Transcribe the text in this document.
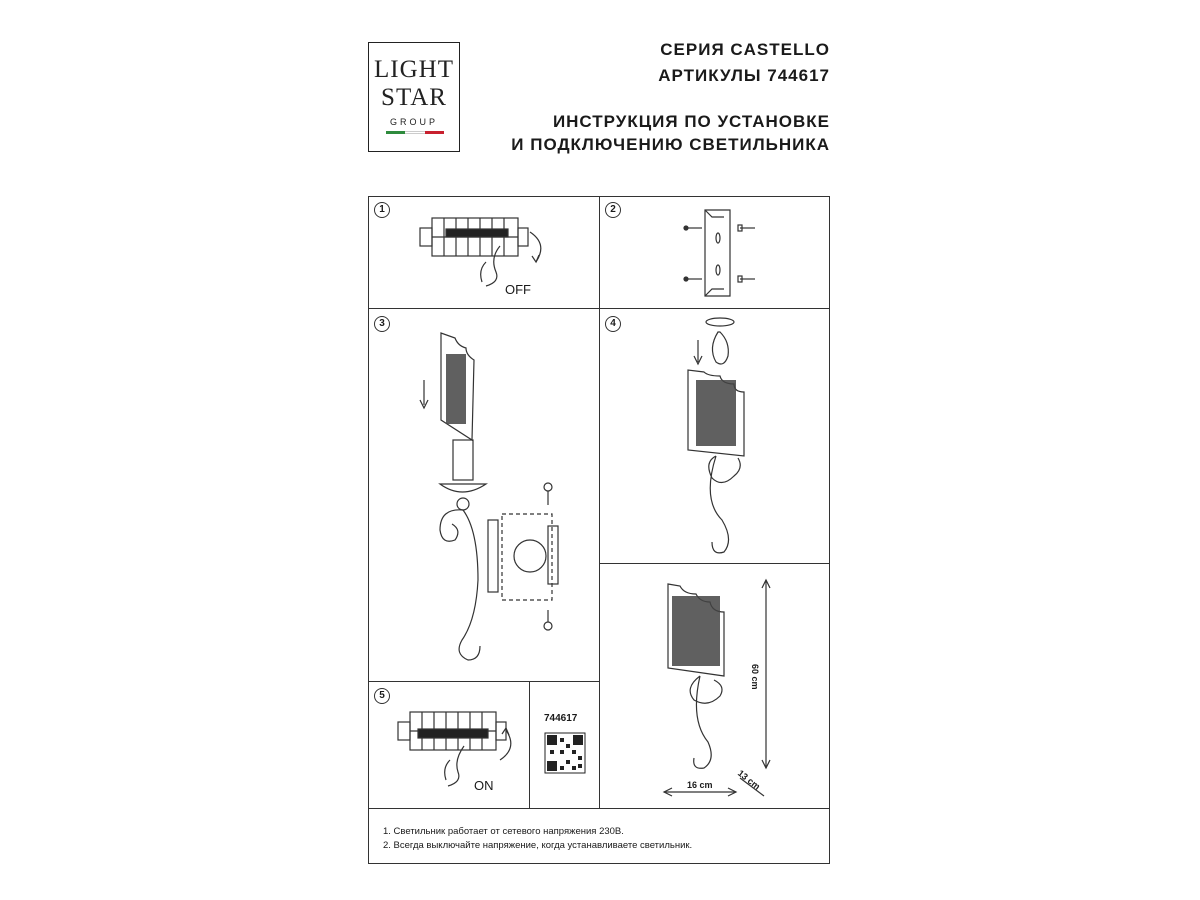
LIGHT
STAR
GROUP
СЕРИЯ CASTELLO
АРТИКУЛЫ 744617
ИНСТРУКЦИЯ ПО УСТАНОВКЕ
И ПОДКЛЮЧЕНИЮ СВЕТИЛЬНИКА
1	2
3	4
5
OFF
ON
744617
60 cm
16 cm	13 cm
1. Светильник работает от сетевого напряжения 230В.
2. Всегда выключайте напряжение, когда устанавливаете светильник.
